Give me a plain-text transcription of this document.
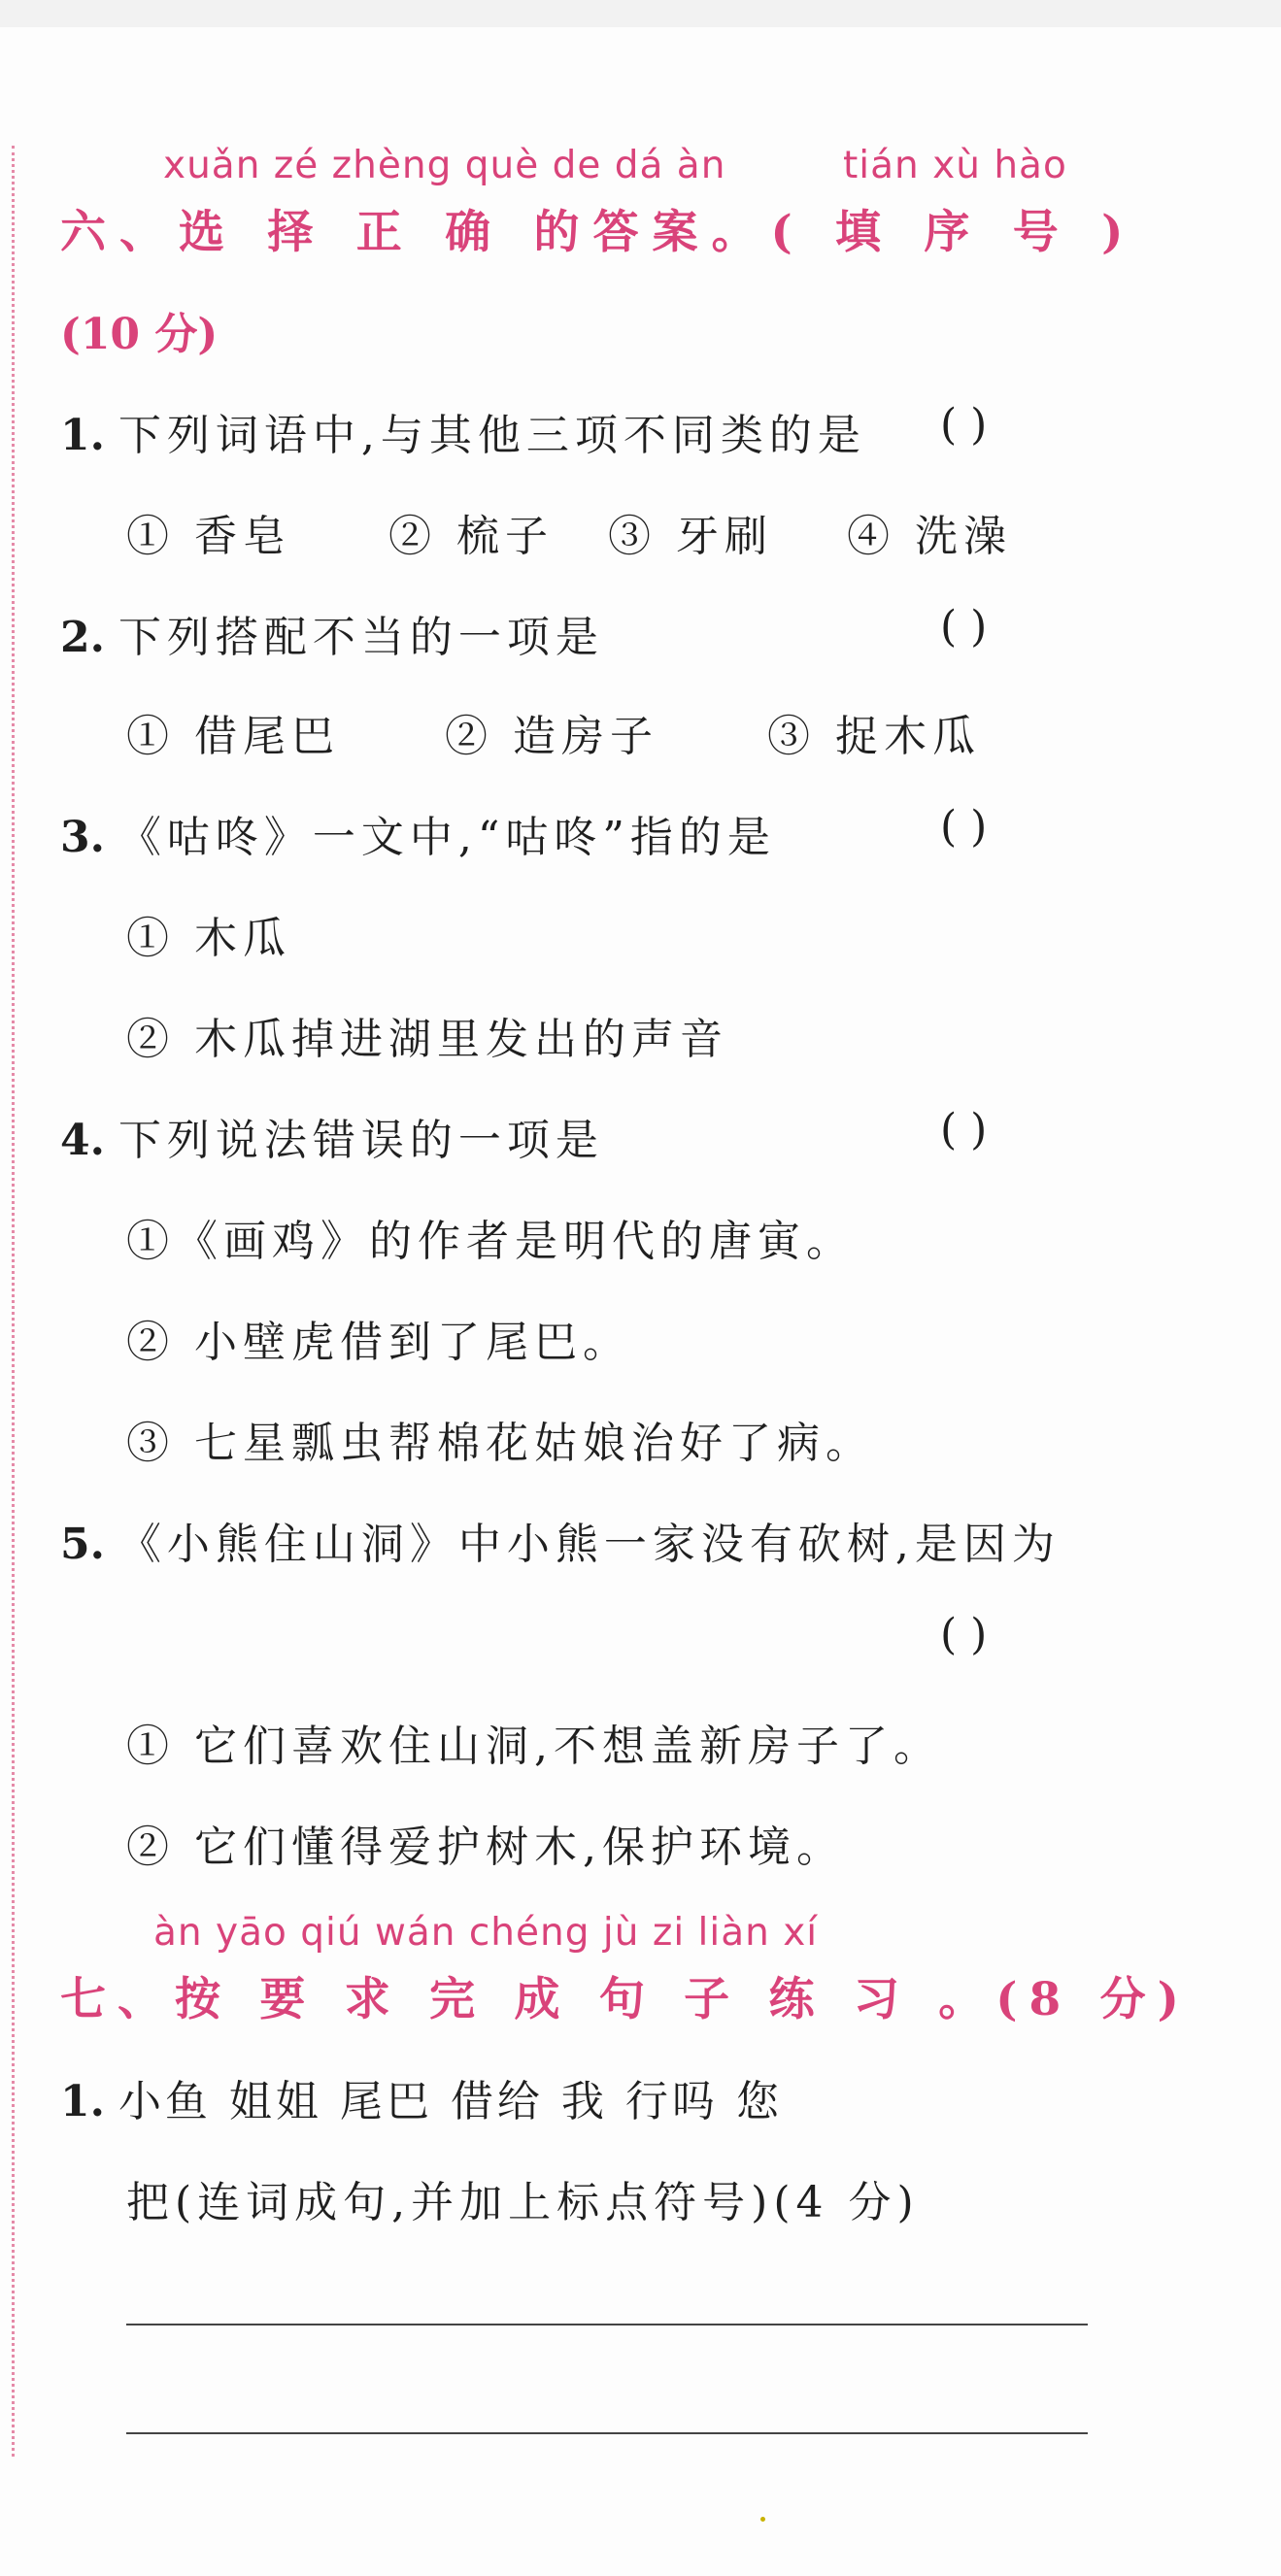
xuǎn zé zhèng què de dá àn	tián xù hào
六、选 择 正 确 的答案。( 填 序 号 )
(10 分)
1. 下列词语中,与其他三项不同类的是 ( )
① 香皂 ② 梳子 ③ 牙刷 ④ 洗澡
2. 下列搭配不当的一项是	( )
① 借尾巴 ② 造房子	③ 捉木瓜
3. 《咕咚》一文中,“咕咚”指的是	( )
① 木瓜
② 木瓜掉进湖里发出的声音
4. 下列说法错误的一项是	( )
①《画鸡》的作者是明代的唐寅。
② 小壁虎借到了尾巴。
③ 七星瓢虫帮棉花姑娘治好了病。
5. 《小熊住山洞》中小熊一家没有砍树,是因为
( )
① 它们喜欢住山洞,不想盖新房子了。
② 它们懂得爱护树木,保护环境。
àn yāo qiú wán chéng jù zi liàn xí
七、按 要 求 完 成 句 子 练 习 。(8 分)
1. 小鱼 姐姐 尾巴 借给 我 行吗 您
把(连词成句,并加上标点符号)(4 分)
